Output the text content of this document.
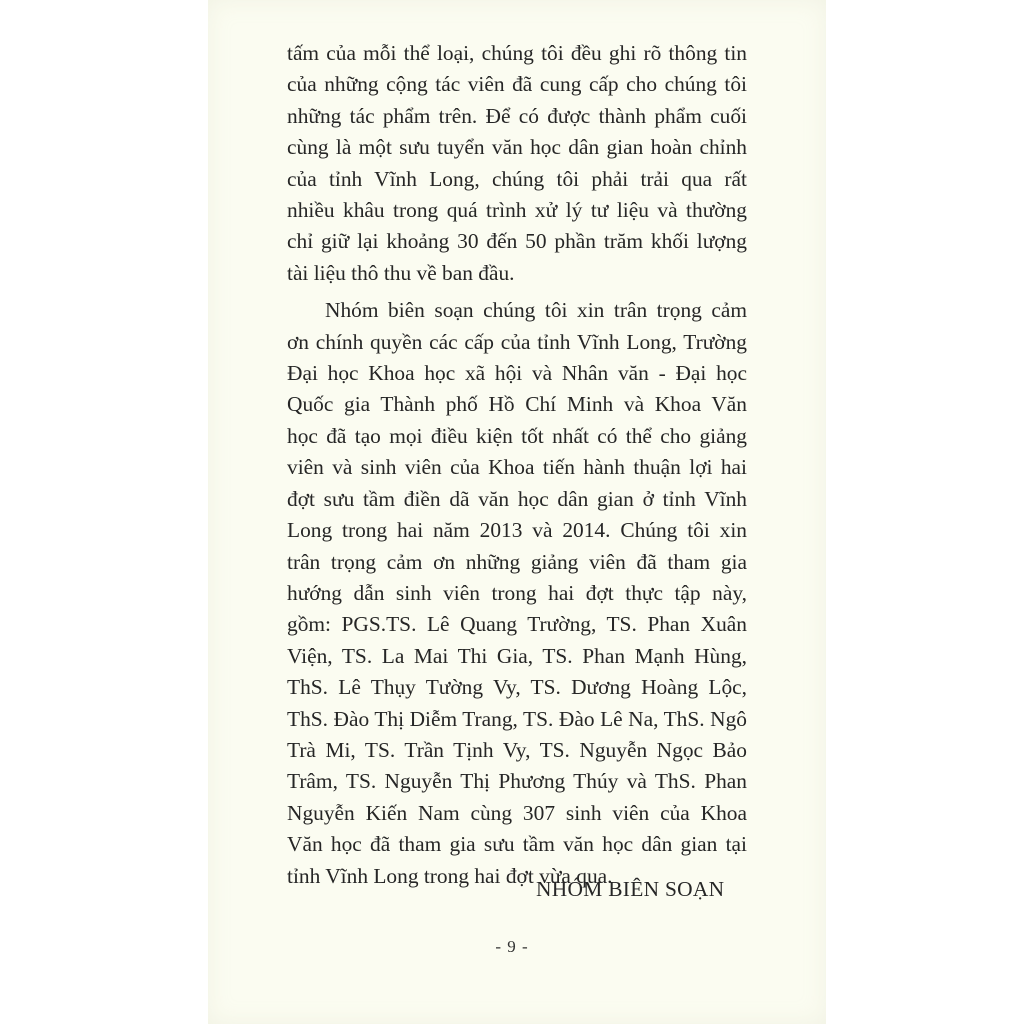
tấm của mỗi thể loại, chúng tôi đều ghi rõ thông tin
của những cộng tác viên đã cung cấp cho chúng tôi
những tác phẩm trên. Để có được thành phẩm cuối
cùng là một sưu tuyển văn học dân gian hoàn chỉnh
của tỉnh Vĩnh Long, chúng tôi phải trải qua rất
nhiều khâu trong quá trình xử lý tư liệu và thường
chỉ giữ lại khoảng 30 đến 50 phần trăm khối lượng
tài liệu thô thu về ban đầu.
Nhóm biên soạn chúng tôi xin trân trọng cảm
ơn chính quyền các cấp của tỉnh Vĩnh Long, Trường
Đại học Khoa học xã hội và Nhân văn - Đại học
Quốc gia Thành phố Hồ Chí Minh và Khoa Văn
học đã tạo mọi điều kiện tốt nhất có thể cho giảng
viên và sinh viên của Khoa tiến hành thuận lợi hai
đợt sưu tầm điền dã văn học dân gian ở tỉnh Vĩnh
Long trong hai năm 2013 và 2014. Chúng tôi xin
trân trọng cảm ơn những giảng viên đã tham gia
hướng dẫn sinh viên trong hai đợt thực tập này,
gồm: PGS.TS. Lê Quang Trường, TS. Phan Xuân
Viện, TS. La Mai Thi Gia, TS. Phan Mạnh Hùng,
ThS. Lê Thụy Tường Vy, TS. Dương Hoàng Lộc,
ThS. Đào Thị Diễm Trang, TS. Đào Lê Na, ThS. Ngô
Trà Mi, TS. Trần Tịnh Vy, TS. Nguyễn Ngọc Bảo
Trâm, TS. Nguyễn Thị Phương Thúy và ThS. Phan
Nguyễn Kiến Nam cùng 307 sinh viên của Khoa
Văn học đã tham gia sưu tầm văn học dân gian tại
tỉnh Vĩnh Long trong hai đợt vừa qua.
NHÓM BIÊN SOẠN
- 9 -
